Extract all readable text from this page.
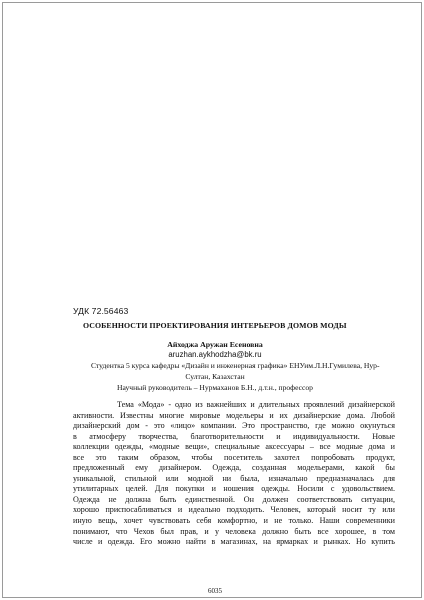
УДК 72.56463
ОСОБЕННОСТИ ПРОЕКТИРОВАНИЯ ИНТЕРЬЕРОВ ДОМОВ МОДЫ
Айходжа Аружан Есеновна
aruzhan.aykhodzha@bk.ru
Студентка 5 курса кафедры «Дизайн и инженерная графика» ЕНУим.Л.Н.Гумилева, Нур-
Султан, Казахстан
Научный руководитель – Нурмаханов Б.Н., д.т.н., профессор
Тема «Мода» - одно из важнейших и длительных проявлений дизайнерской
активности. Известны многие мировые модельеры и их дизайнерские дома. Любой
дизайнерский дом - это «лицо» компании. Это пространство, где можно окунуться
в атмосферу творчества, благотворительности и индивидуальности. Новые
коллекции одежды, «модные вещи», специальные аксессуары – все модные дома и
все это таким образом, чтобы посетитель захотел попробовать продукт,
предложенный ему дизайнером. Одежда, созданная модельерами, какой бы
уникальной, стильной или модной ни была, изначально предназначалась для
утилитарных целей. Для покупки и ношения одежды. Носили с удовольствием.
Одежда не должна быть единственной. Он должен соответствовать ситуации,
хорошо приспосабливаться и идеально подходить. Человек, который носит ту или
иную вещь, хочет чувствовать себя комфортно, и не только. Наши современники
понимают, что Чехов был прав, и у человека должно быть все хорошее, в том
числе и одежда. Его можно найти в магазинах, на ярмарках и рынках. Но купить
6035
